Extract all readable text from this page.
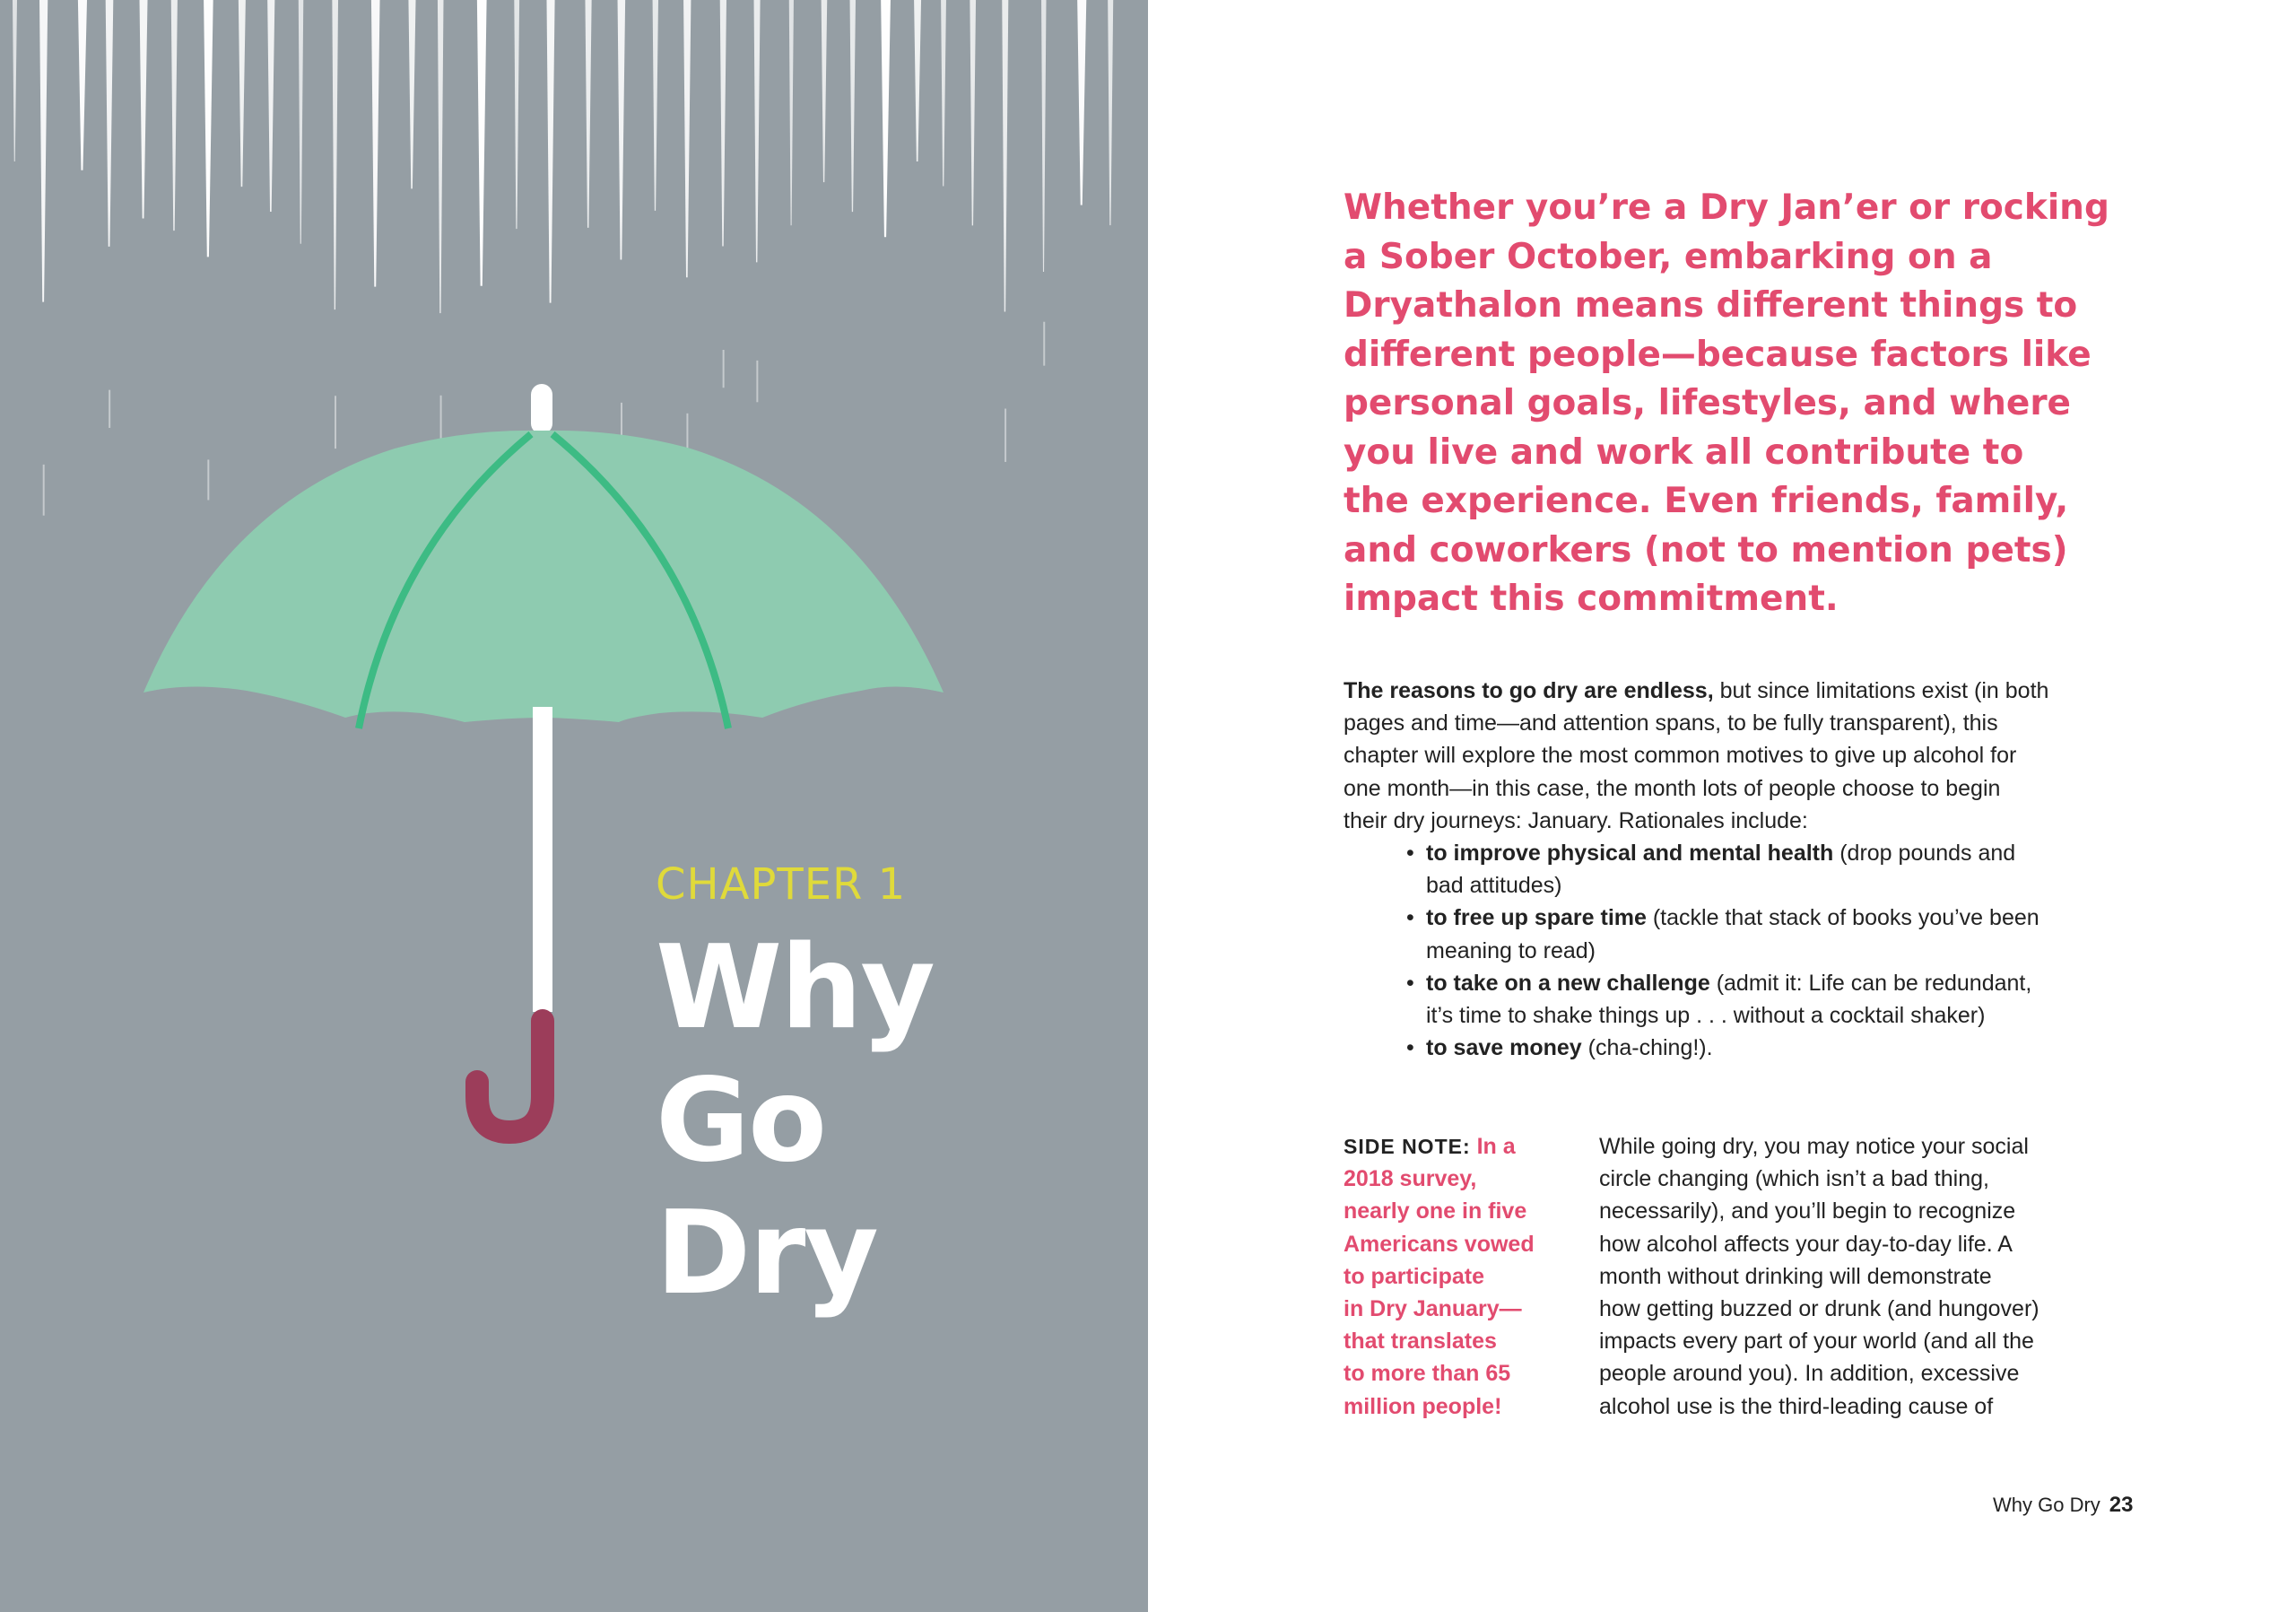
CHAPTER 1
Why
Go
Dry

Whether you’re a Dry Jan’er or rocking
a Sober October, embarking on a
Dryathalon means different things to
different people—because factors like
personal goals, lifestyles, and where
you live and work all contribute to
the experience. Even friends, family,
and coworkers (not to mention pets)
impact this commitment.

The reasons to go dry are endless, but since limitations exist (in both
pages and time—and attention spans, to be fully transparent), this
chapter will explore the most common motives to give up alcohol for
one month—in this case, the month lots of people choose to begin
their dry journeys: January. Rationales include:

• to improve physical and mental health (drop pounds and
bad attitudes)
• to free up spare time (tackle that stack of books you’ve been
meaning to read)
• to take on a new challenge (admit it: Life can be redundant,
it’s time to shake things up . . . without a cocktail shaker)
• to save money (cha-ching!).

SIDE NOTE: In a
2018 survey,
nearly one in five
Americans vowed
to participate
in Dry January—
that translates
to more than 65
million people!

While going dry, you may notice your social
circle changing (which isn’t a bad thing,
necessarily), and you’ll begin to recognize
how alcohol affects your day-to-day life. A
month without drinking will demonstrate
how getting buzzed or drunk (and hungover)
impacts every part of your world (and all the
people around you). In addition, excessive
alcohol use is the third-leading cause of

Why Go Dry 23
